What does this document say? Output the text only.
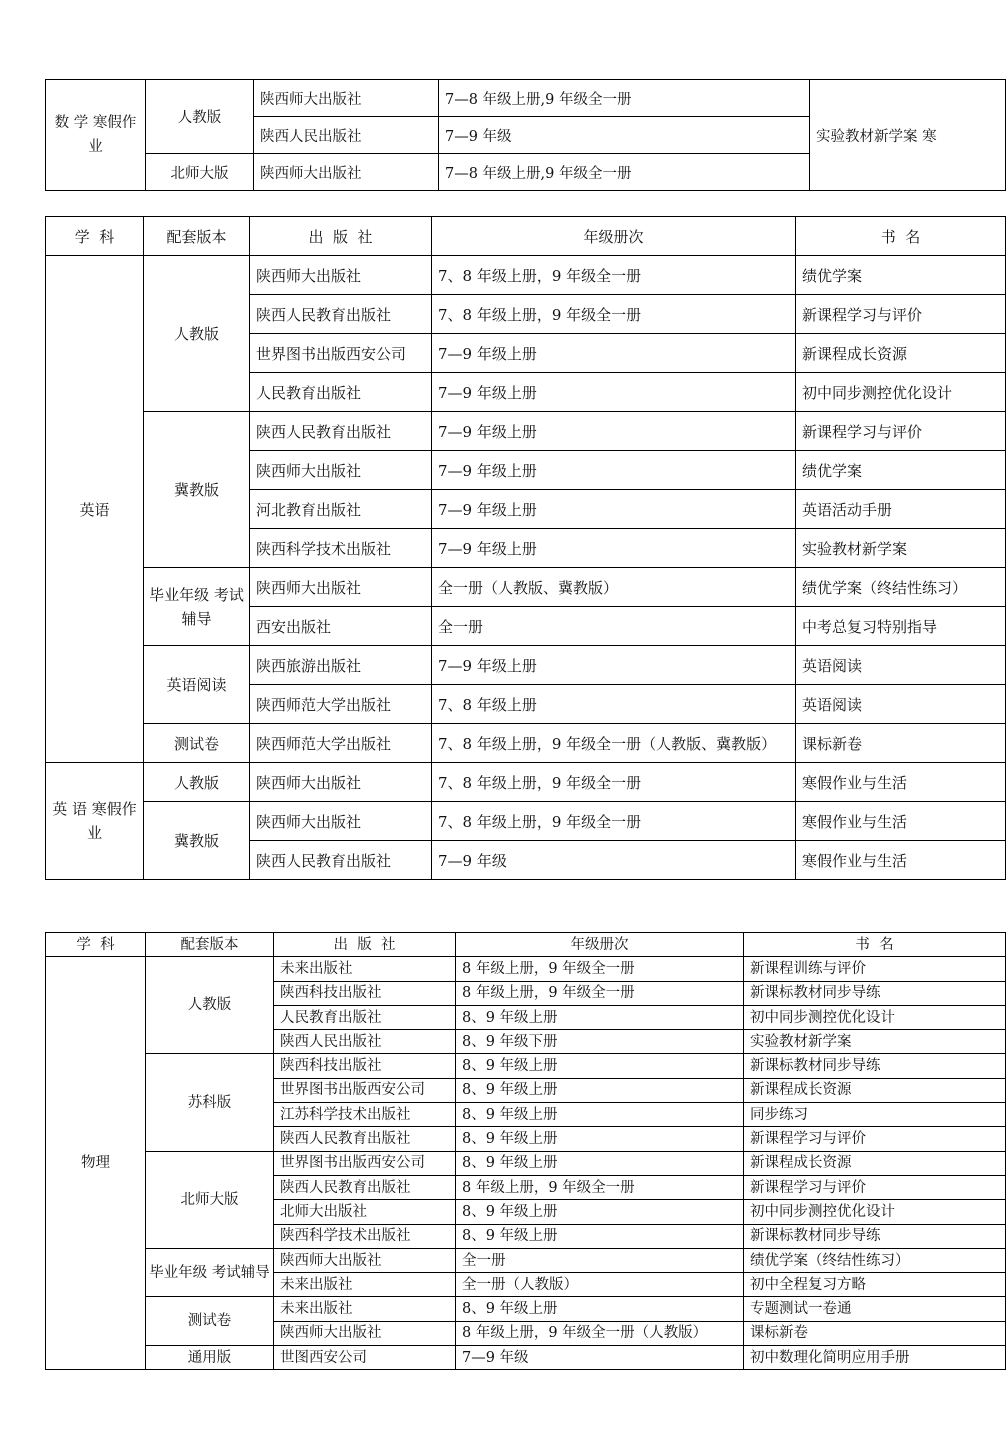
数 学 寒假作业	人教版	陕西师大出版社	7—8 年级上册,9 年级全一册	实验教材新学案 寒
		陕西人民出版社	7—9 年级	
	北师大版	陕西师大出版社	7—8 年级上册,9 年级全一册	
学  科	配套版本	出  版  社	年级册次	书  名
英语	人教版	陕西师大出版社	7、8 年级上册，9 年级全一册	绩优学案
		陕西人民教育出版社	7、8 年级上册，9 年级全一册	新课程学习与评价
		世界图书出版西安公司	7—9 年级上册	新课程成长资源
		人民教育出版社	7—9 年级上册	初中同步测控优化设计
	冀教版	陕西人民教育出版社	7—9 年级上册	新课程学习与评价
		陕西师大出版社	7—9 年级上册	绩优学案
		河北教育出版社	7—9 年级上册	英语活动手册
		陕西科学技术出版社	7—9 年级上册	实验教材新学案
	毕业年级 考试辅导	陕西师大出版社	全一册（人教版、冀教版）	绩优学案（终结性练习）
		西安出版社	全一册	中考总复习特别指导
	英语阅读	陕西旅游出版社	7—9 年级上册	英语阅读
		陕西师范大学出版社	7、8 年级上册	英语阅读
	测试卷	陕西师范大学出版社	7、8 年级上册，9 年级全一册（人教版、冀教版）	课标新卷
英 语 寒假作业	人教版	陕西师大出版社	7、8 年级上册，9 年级全一册	寒假作业与生活
	冀教版	陕西师大出版社	7、8 年级上册，9 年级全一册	寒假作业与生活
		陕西人民教育出版社	7—9 年级	寒假作业与生活
学  科	配套版本	出  版  社	年级册次	书  名
物理	人教版	未来出版社	8 年级上册，9 年级全一册	新课程训练与评价
		陕西科技出版社	8 年级上册，9 年级全一册	新课标教材同步导练
		人民教育出版社	8、9 年级上册	初中同步测控优化设计
		陕西人民出版社	8、9 年级下册	实验教材新学案
	苏科版	陕西科技出版社	8、9 年级上册	新课标教材同步导练
		世界图书出版西安公司	8、9 年级上册	新课程成长资源
		江苏科学技术出版社	8、9 年级上册	同步练习
		陕西人民教育出版社	8、9 年级上册	新课程学习与评价
	北师大版	世界图书出版西安公司	8、9 年级上册	新课程成长资源
		陕西人民教育出版社	8 年级上册，9 年级全一册	新课程学习与评价
		北师大出版社	8、9 年级上册	初中同步测控优化设计
		陕西科学技术出版社	8、9 年级上册	新课标教材同步导练
	毕业年级 考试辅导	陕西师大出版社	全一册	绩优学案（终结性练习）
		未来出版社	全一册（人教版）	初中全程复习方略
	测试卷	未来出版社	8、9 年级上册	专题测试一卷通
		陕西师大出版社	8 年级上册，9 年级全一册（人教版）	课标新卷
	通用版	世图西安公司	7—9 年级	初中数理化简明应用手册
